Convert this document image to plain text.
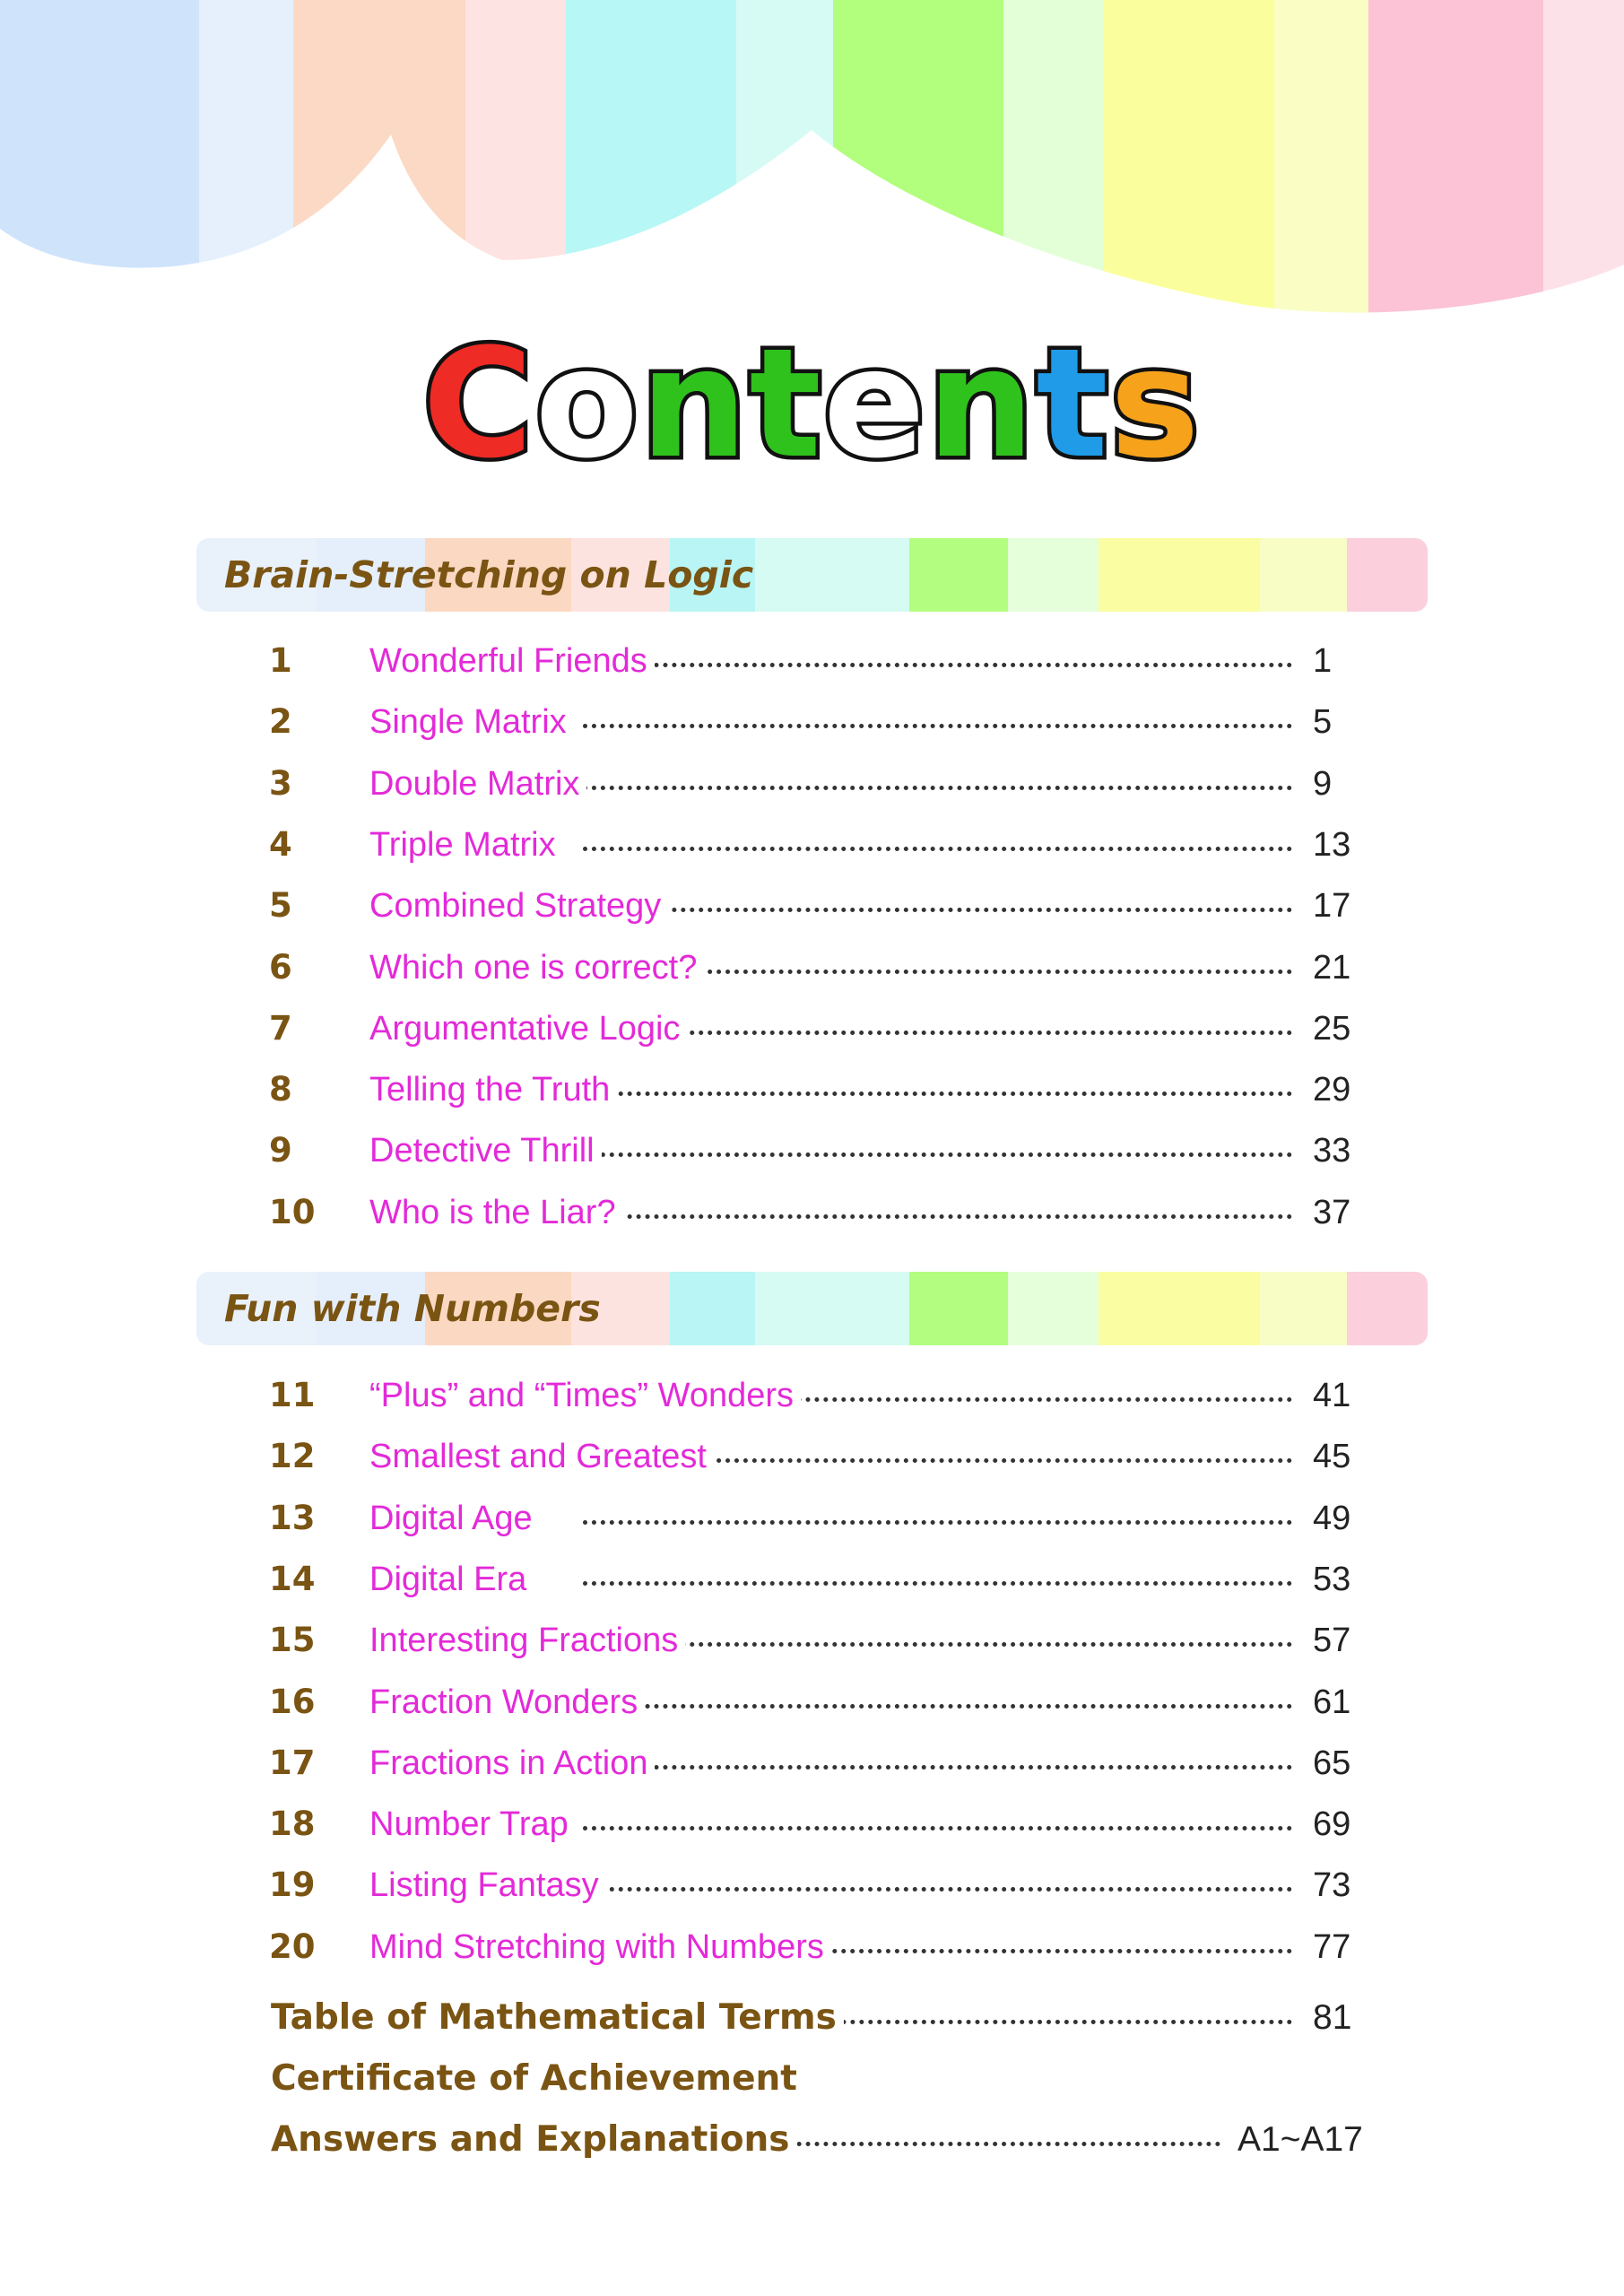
Contents
Brain-Stretching on Logic
1 Wonderful Friends	1
2 Single Matrix	5
3 Double Matrix	9
4 Triple Matrix	13
5 Combined Strategy	17
6 Which one is correct?	21
7 Argumentative Logic	25
8 Telling the Truth	29
9 Detective Thrill	33
10 Who is the Liar?	37
Fun with Numbers
11 “Plus” and “Times” Wonders	41
12 Smallest and Greatest	45
13 Digital Age	49
14 Digital Era	53
15 Interesting Fractions	57
16 Fraction Wonders	61
17 Fractions in Action	65
18 Number Trap	69
19 Listing Fantasy	73
20 Mind Stretching with Numbers	77
Table of Mathematical Terms	81
Certificate of Achievement
Answers and Explanations	A1~A17
